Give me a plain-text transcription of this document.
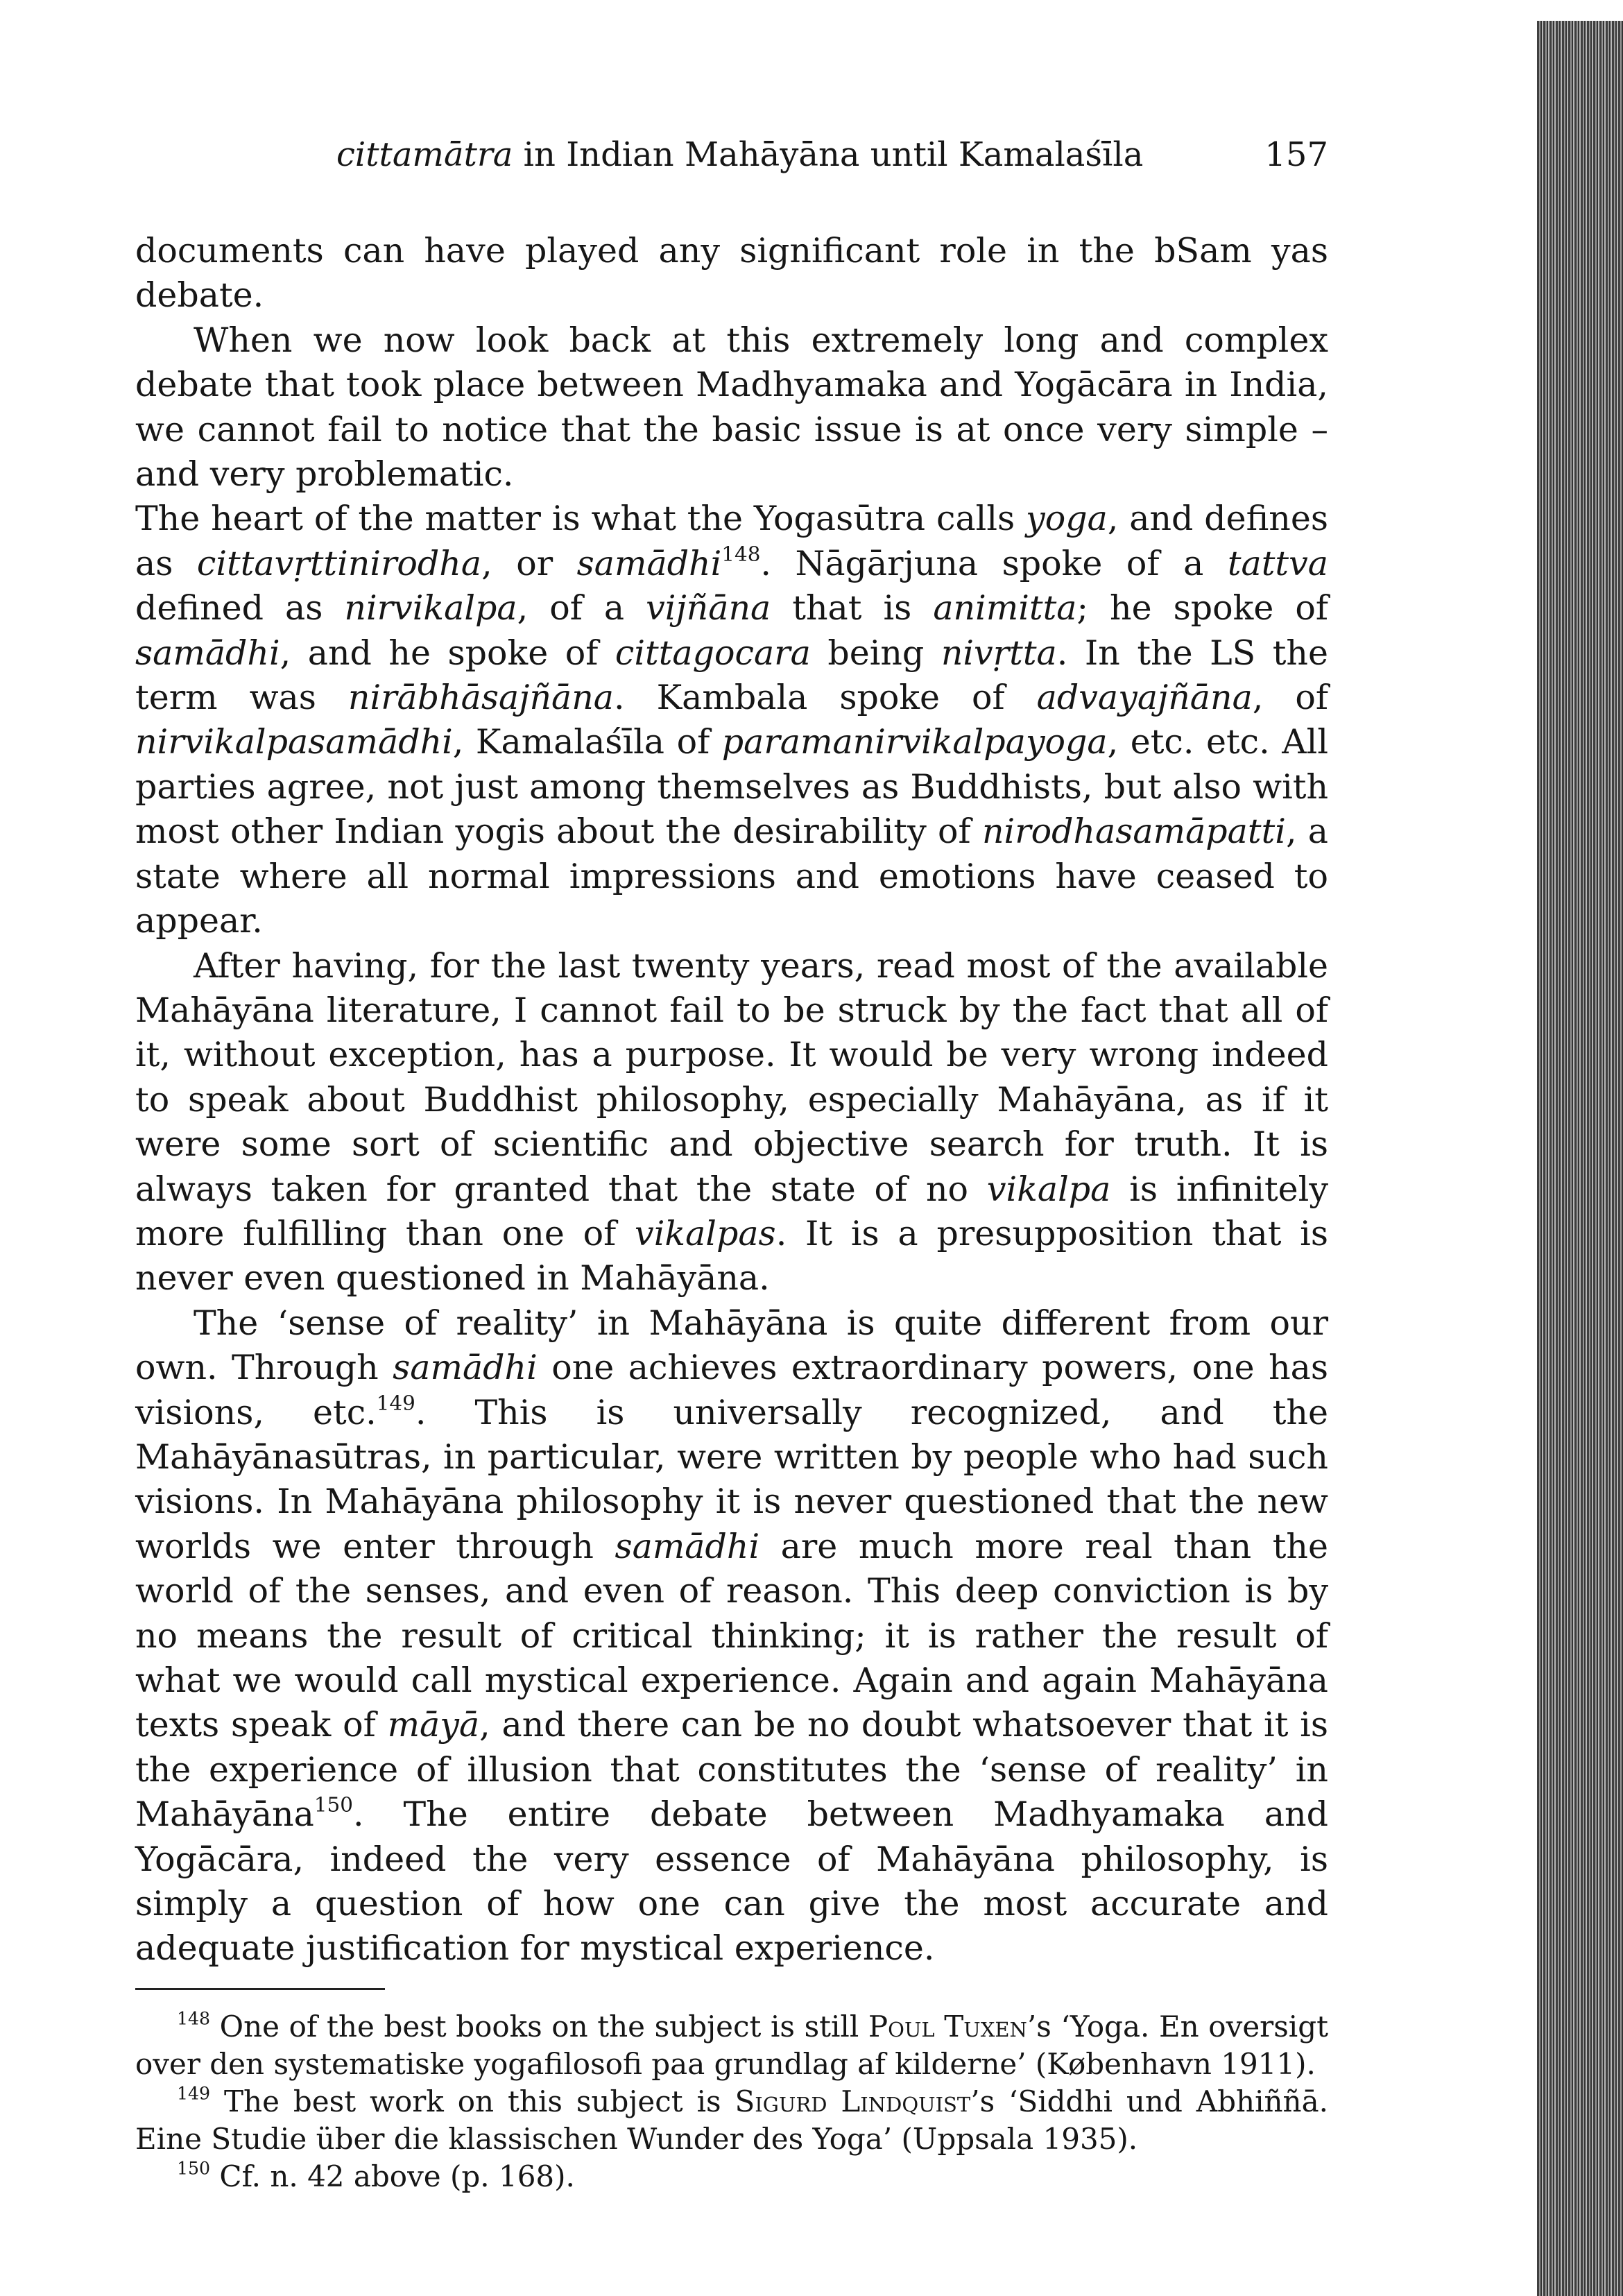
cittamātra in Indian Mahāyāna until Kamalaśīla	157

documents can have played any significant role in the bSam yas debate.

When we now look back at this extremely long and complex debate that took place between Madhyamaka and Yogācāra in India, we cannot fail to notice that the basic issue is at once very simple – and very problematic.

The heart of the matter is what the Yogasūtra calls yoga, and defines as cittavṛttinirodha, or samādhi$^{148}$. Nāgārjuna spoke of a tattva defined as nirvikalpa, of a vijñāna that is animitta; he spoke of samādhi, and he spoke of cittagocara being nivṛtta. In the LS the term was nirābhāsajñāna. Kambala spoke of advayajñāna, of nirvikalpasamādhi, Kamalaśīla of paramanirvikalpayoga, etc. etc. All parties agree, not just among themselves as Buddhists, but also with most other Indian yogis about the desirability of nirodhasamāpatti, a state where all normal impressions and emotions have ceased to appear.

After having, for the last twenty years, read most of the available Mahāyāna literature, I cannot fail to be struck by the fact that all of it, without exception, has a purpose. It would be very wrong indeed to speak about Buddhist philosophy, especially Mahāyāna, as if it were some sort of scientific and objective search for truth. It is always taken for granted that the state of no vikalpa is infinitely more fulfilling than one of vikalpas. It is a presupposition that is never even questioned in Mahāyāna.

The ‘sense of reality’ in Mahāyāna is quite different from our own. Through samādhi one achieves extraordinary powers, one has visions, etc.$^{149}$. This is universally recognized, and the Mahāyānasūtras, in particular, were written by people who had such visions. In Mahāyāna philosophy it is never questioned that the new worlds we enter through samādhi are much more real than the world of the senses, and even of reason. This deep conviction is by no means the result of critical thinking; it is rather the result of what we would call mystical experience. Again and again Mahāyāna texts speak of māyā, and there can be no doubt whatsoever that it is the experience of illusion that constitutes the ‘sense of reality’ in Mahāyāna$^{150}$. The entire debate between Madhyamaka and Yogācāra, indeed the very essence of Mahāyāna philosophy, is simply a question of how one can give the most accurate and adequate justification for mystical experience.

$^{148}$ One of the best books on the subject is still Poul Tuxen’s ‘Yoga. En oversigt over den systematiske yogafilosofi paa grundlag af kilderne’ (København 1911).

$^{149}$ The best work on this subject is Sigurd Lindquist’s ‘Siddhi und Abhiññā. Eine Studie über die klassischen Wunder des Yoga’ (Uppsala 1935).

$^{150}$ Cf. n. 42 above (p. 168).
